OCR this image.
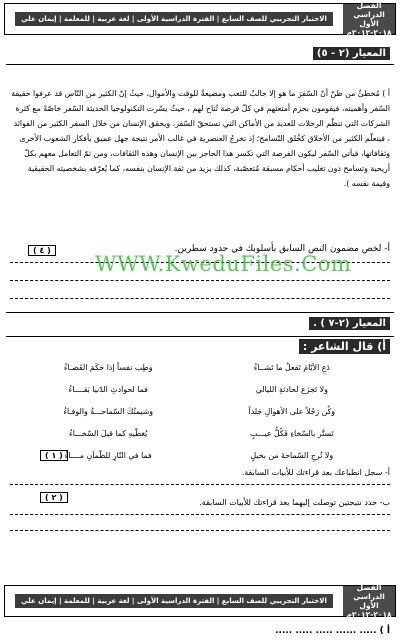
الاختبار التجريبي للصف السابع | الفترة الدراسية الأولى | لغة عربية | للمعلمة | إيمان علي
الفصل
الدراسي الأول
٢٠١٨-٢٠١٢م
المعيار (٢ - ٥)
أ ) مُخطئٌ من ظنّ أنّ السّفرَ ما هو إلا جالبٌ للتعب ومضيعةٌ للوقت والأموال، حيثُ إنّ الكثير من النّاس قد عرفوا حقيقة السّفر وأهميته، فيقومون بحزم أمتعتهم في كلّ فرصة تُتاح لهم ، حيثُ يسّرت التكنولوجيا الحديثة السّفر خاصّةً مع كثرة الشركات التي تنظّم الرحلات للعديد من الأماكن التي تستحقّ السّفر، ويحقق الإنسان من خلال السفر الكثير من الفوائد ، فيتعلّم الكثير من الأخلاق كخُلق التّسامح؛ إذ تخرجُ العنصرية في غالب الأمر نتيجة جهل عميق بأفكار الشعوب الأخرى وثقافاتها، فيأتي السّفر ليكون الفرصة التي تكسر هذا الحاجز بين الإنسان وهذه الثقافات، ومن ثمّ التعامل معهم بكلّ أريحية وتسامح دون تغليب أحكام مسبقة مُتعصّبة، كذلك يزيد من ثقة الإنسان بنفسه، كما يُعرّفه بشخصيته الحقيقية وقيمة نفسه ).
أ- لخص مضمون النص السابق بأسلوبك في حدود سطرين.
( ٤ )
WWW.KweduFiles.Com
المعيار (٢-٧ ) .
أ) قال الشاعر :
دَعِ الأيّامَ تَفعلُ ما تَشــاءُ
وطِب نفساً إذا حَكَمَ القَضـاءُ
ولا تَجزَع لحادثةِ الليالي
فما لحوادثِ الدّنيا بَقــــاءُ
وكُن رَجُلاً على الأهوالِ جَلداً
وشيمتُكَ السّماحـــةُ والوفـاءُ
تَستَّر بالسّخاءِ فَكُلُّ عيـــبٍ
يُغطّيهِ كما قيلَ السّخـــاءُ
ولا تُرجِ السّماحةَ من بخيلٍ
فما في النّارِ للظّمآنِ مــــاءُ
أ- سجل انطباعك بعد قراءتك للأبيات السابقة.
( ١ )
ب- حدد نتيجتين توصلت إليهما بعد قراءتك للأبيات السابقة.
( ٢ )
الاختبار التجريبي للصف السابع | الفترة الدراسية الأولى | لغة عربية | للمعلمة | إيمان علي
الفصل
الدراسي الأول
٢٠١٨-٢٠١٢م
أ ) ..... ...... ..... ..... .....
